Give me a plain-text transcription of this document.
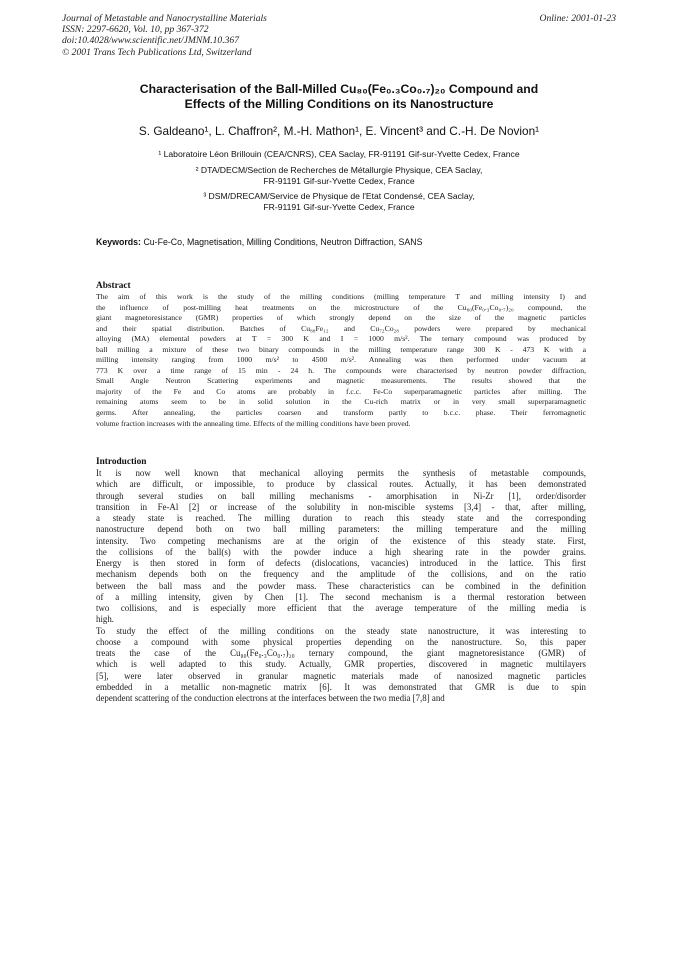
Journal of Metastable and Nanocrystalline Materials
ISSN: 2297-6620, Vol. 10, pp 367-372
doi:10.4028/www.scientific.net/JMNM.10.367
© 2001 Trans Tech Publications Ltd, Switzerland
Online: 2001-01-23
Characterisation of the Ball-Milled Cu₈₀(Fe₀.₃Co₀.₇)₂₀ Compound and
Effects of the Milling Conditions on its Nanostructure
S. Galdeano¹, L. Chaffron², M.-H. Mathon¹, E. Vincent³ and C.-H. De Novion¹
¹ Laboratoire Léon Brillouin (CEA/CNRS), CEA Saclay, FR-91191 Gif-sur-Yvette Cedex, France
² DTA/DECM/Section de Recherches de Métallurgie Physique, CEA Saclay,
FR-91191 Gif-sur-Yvette Cedex, France
³ DSM/DRECAM/Service de Physique de l'Etat Condensé, CEA Saclay,
FR-91191 Gif-sur-Yvette Cedex, France
Keywords: Cu-Fe-Co, Magnetisation, Milling Conditions, Neutron Diffraction, SANS
Abstract
The aim of this work is the study of the milling conditions (milling temperature T and milling intensity I) and
the influence of post-milling heat treatments on the microstructure of the Cu₈₀(Fe₀.₃Co₀.₇)₂₀ compound, the
giant magnetoresistance (GMR) properties of which strongly depend on the size of the magnetic particles
and their spatial distribution. Batches of Cu₈₈Fe₁₂ and Cu₇₂Co₂₈ powders were prepared by mechanical
alloying (MA) elemental powders at T = 300 K and I = 1000 m/s². The ternary compound was produced by
ball milling a mixture of these two binary compounds in the milling temperature range 300 K - 473 K with a
milling intensity ranging from 1000 m/s² to 4500 m/s². Annealing was then performed under vacuum at
773 K over a time range of 15 min - 24 h. The compounds were characterised by neutron powder diffraction,
Small Angle Neutron Scattering experiments and magnetic measurements. The results showed that the
majority of the Fe and Co atoms are probably in f.c.c. Fe-Co superparamagnetic particles after milling. The
remaining atoms seem to be in solid solution in the Cu-rich matrix or in very small superparamagnetic
germs. After annealing, the particles coarsen and transform partly to b.c.c. phase. Their ferromagnetic
volume fraction increases with the annealing time. Effects of the milling conditions have been proved.
Introduction
It is now well known that mechanical alloying permits the synthesis of metastable compounds,
which are difficult, or impossible, to produce by classical routes. Actually, it has been demonstrated
through several studies on ball milling mechanisms - amorphisation in Ni-Zr [1], order/disorder
transition in Fe-Al [2] or increase of the solubility in non-miscible systems [3,4] - that, after milling,
a steady state is reached. The milling duration to reach this steady state and the corresponding
nanostructure depend both on two ball milling parameters: the milling temperature and the milling
intensity. Two competing mechanisms are at the origin of the existence of this steady state. First,
the collisions of the ball(s) with the powder induce a high shearing rate in the powder grains.
Energy is then stored in form of defects (dislocations, vacancies) introduced in the lattice. This first
mechanism depends both on the frequency and the amplitude of the collisions, and on the ratio
between the ball mass and the powder mass. These characteristics can be combined in the definition
of a milling intensity, given by Chen [1]. The second mechanism is a thermal restoration between
two collisions, and is especially more efficient that the average temperature of the milling media is
high.
To study the effect of the milling conditions on the steady state nanostructure, it was interesting to
choose a compound with some physical properties depending on the nanostructure. So, this paper
treats the case of the Cu₈₀(Fe₀.₃Co₀.₇)₂₀ ternary compound, the giant magnetoresistance (GMR) of
which is well adapted to this study. Actually, GMR properties, discovered in magnetic multilayers
[5], were later observed in granular magnetic materials made of nanosized magnetic particles
embedded in a metallic non-magnetic matrix [6]. It was demonstrated that GMR is due to spin
dependent scattering of the conduction electrons at the interfaces between the two media [7,8] and
